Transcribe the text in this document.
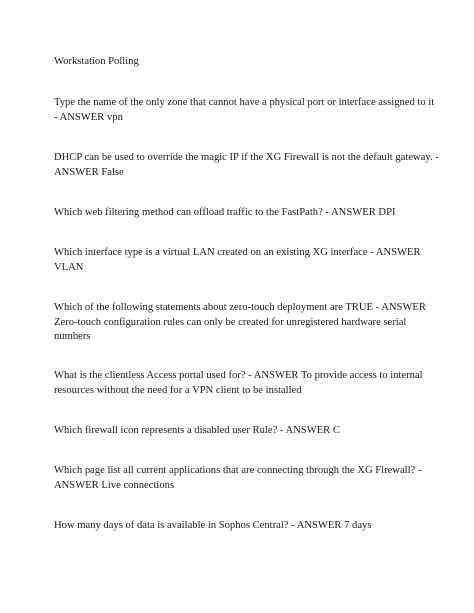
Workstation Polling

Type the name of the only zone that cannot have a physical port or interface assigned to it - ANSWER vpn

DHCP can be used to override the magic IP if the XG Firewall is not the default gateway. - ANSWER False

Which web filtering method can offload traffic to the FastPath? - ANSWER DPI

Which interface type is a virtual LAN created on an existing XG interface - ANSWER VLAN

Which of the following statements about zero-touch deployment are TRUE - ANSWER Zero-touch configuration rules can only be created for unregistered hardware serial numbers

What is the clientless Access portal used for? - ANSWER To provide access to internal resources without the need for a VPN client to be installed

Which firewall icon represents a disabled user Rule? - ANSWER C

Which page list all current applications that are connecting through the XG Firewall? - ANSWER Live connections

How many days of data is available in Sophos Central? - ANSWER 7 days
